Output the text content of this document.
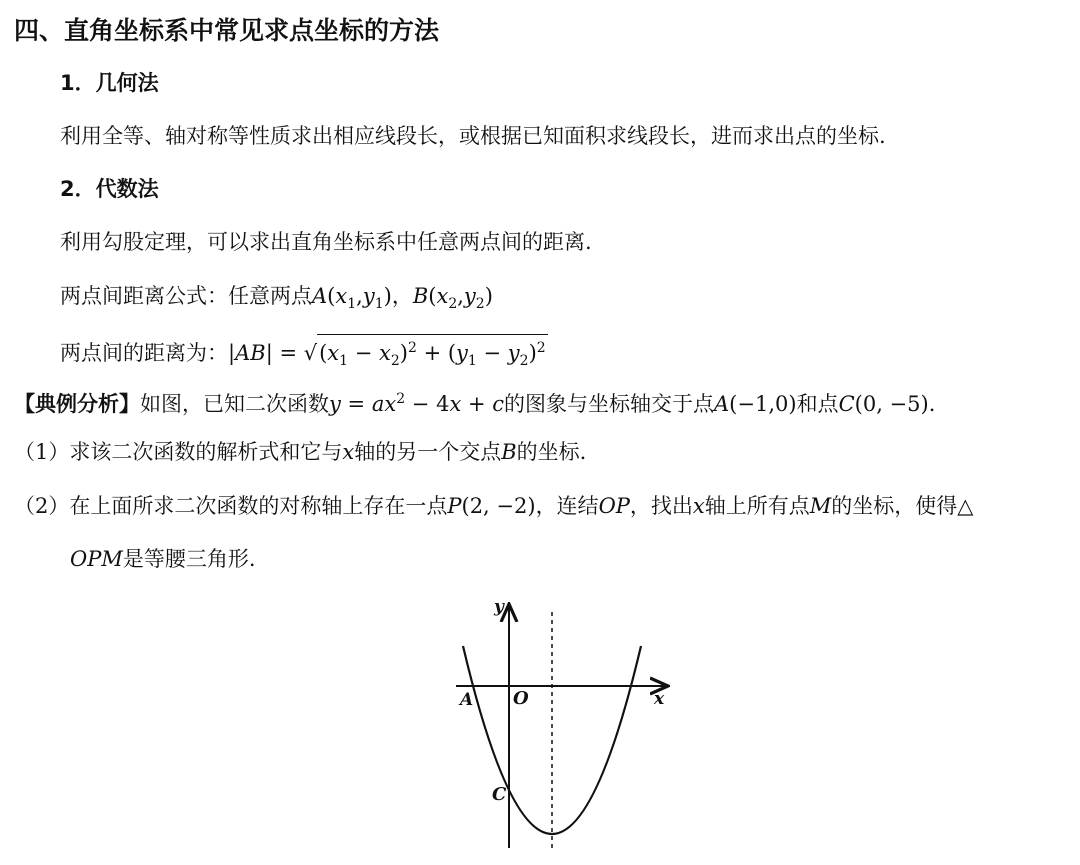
四、直角坐标系中常见求点坐标的方法
1．几何法
利用全等、轴对称等性质求出相应线段长，或根据已知面积求线段长，进而求出点的坐标.
2．代数法
利用勾股定理，可以求出直角坐标系中任意两点间的距离.
两点间距离公式：任意两点$A(x_1,y_1)$，$B(x_2,y_2)$
两点间的距离为：$|AB| = √(x_1 - x_2)^2 + (y_1 - y_2)^2$
【典例分析】如图，已知二次函数$y = ax^2 - 4x + c$的图象与坐标轴交于点A(−1,0)和点C(0, −5).
（1）求该二次函数的解析式和它与x轴的另一个交点B的坐标.
（2）在上面所求二次函数的对称轴上存在一点P(2, −2)，连结OP，找出x轴上所有点M的坐标，使得△
OPM是等腰三角形.
y
x
O
A
C
